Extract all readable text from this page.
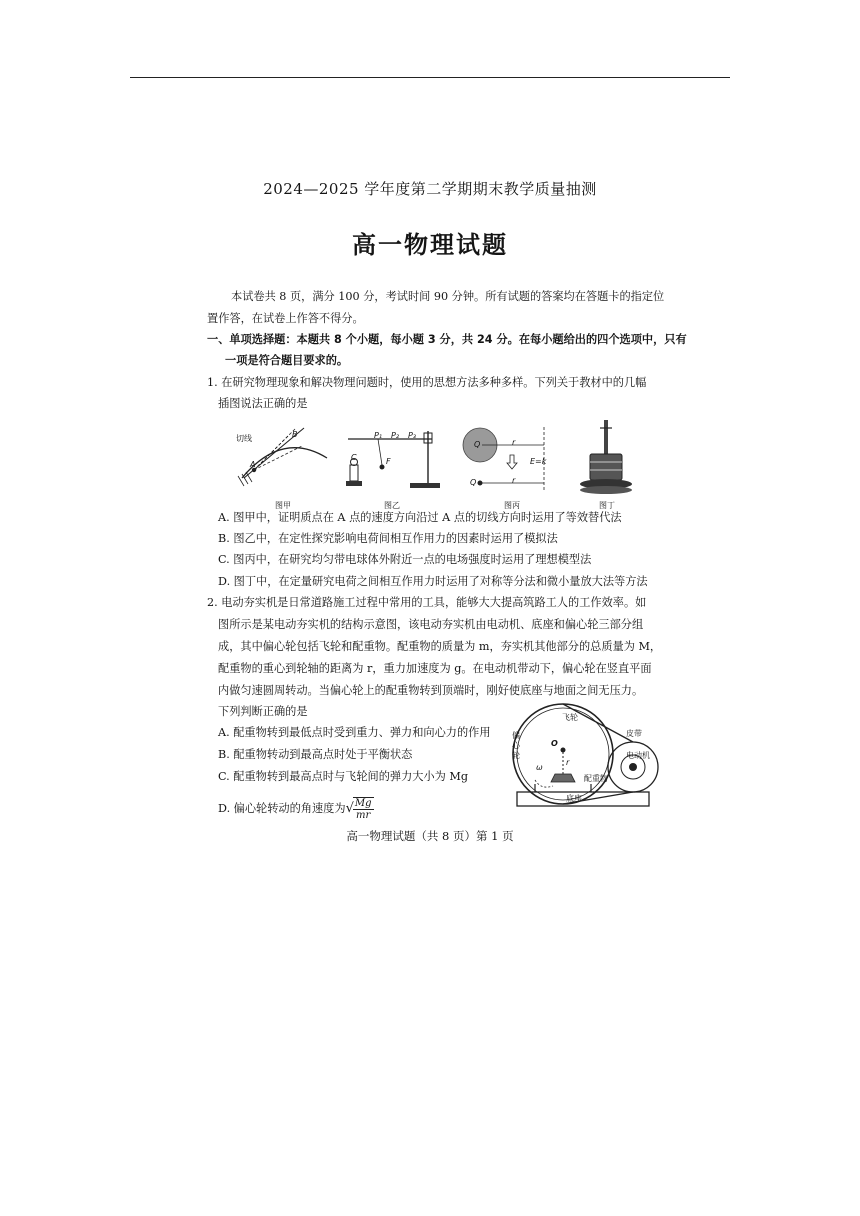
2024—2025 学年度第二学期期末教学质量抽测
高一物理试题
本试卷共 8 页，满分 100 分，考试时间 90 分钟。所有试题的答案均在答题卡的指定位
置作答，在试卷上作答不得分。
一、单项选择题：本题共 8 个小题，每小题 3 分，共 24 分。在每小题给出的四个选项中，只有
一项是符合题目要求的。
1. 在研究物理现象和解决物理问题时，使用的思想方法多种多样。下列关于教材中的几幅
插图说法正确的是
切线
A
B
图甲
P₁ P₂ P₃
C	F
图乙
Q
Q
r
r
E=k
图丙	图丁
A. 图甲中，证明质点在 A 点的速度方向沿过 A 点的切线方向时运用了等效替代法
B. 图乙中，在定性探究影响电荷间相互作用力的因素时运用了模拟法
C. 图丙中，在研究均匀带电球体外附近一点的电场强度时运用了理想模型法
D. 图丁中，在定量研究电荷之间相互作用力时运用了对称等分法和微小量放大法等方法
2. 电动夯实机是日常道路施工过程中常用的工具，能够大大提高筑路工人的工作效率。如
图所示是某电动夯实机的结构示意图，该电动夯实机由电动机、底座和偏心轮三部分组
成，其中偏心轮包括飞轮和配重物。配重物的质量为 m，夯实机其他部分的总质量为 M，
配重物的重心到轮轴的距离为 r，重力加速度为 g。在电动机带动下，偏心轮在竖直平面
内做匀速圆周转动。当偏心轮上的配重物转到顶端时，刚好使底座与地面之间无压力。
下列判断正确的是
A. 配重物转到最低点时受到重力、弹力和向心力的作用
B. 配重物转动到最高点时处于平衡状态
C. 配重物转到最高点时与飞轮间的弹力大小为 Mg
D. 偏心轮转动的角速度为√ $\frac{Mg}{mr}$
飞轮
皮带
偏
心
轮	电动机
配重物
底座
O
r
ω
高一物理试题（共 8 页）第 1 页
